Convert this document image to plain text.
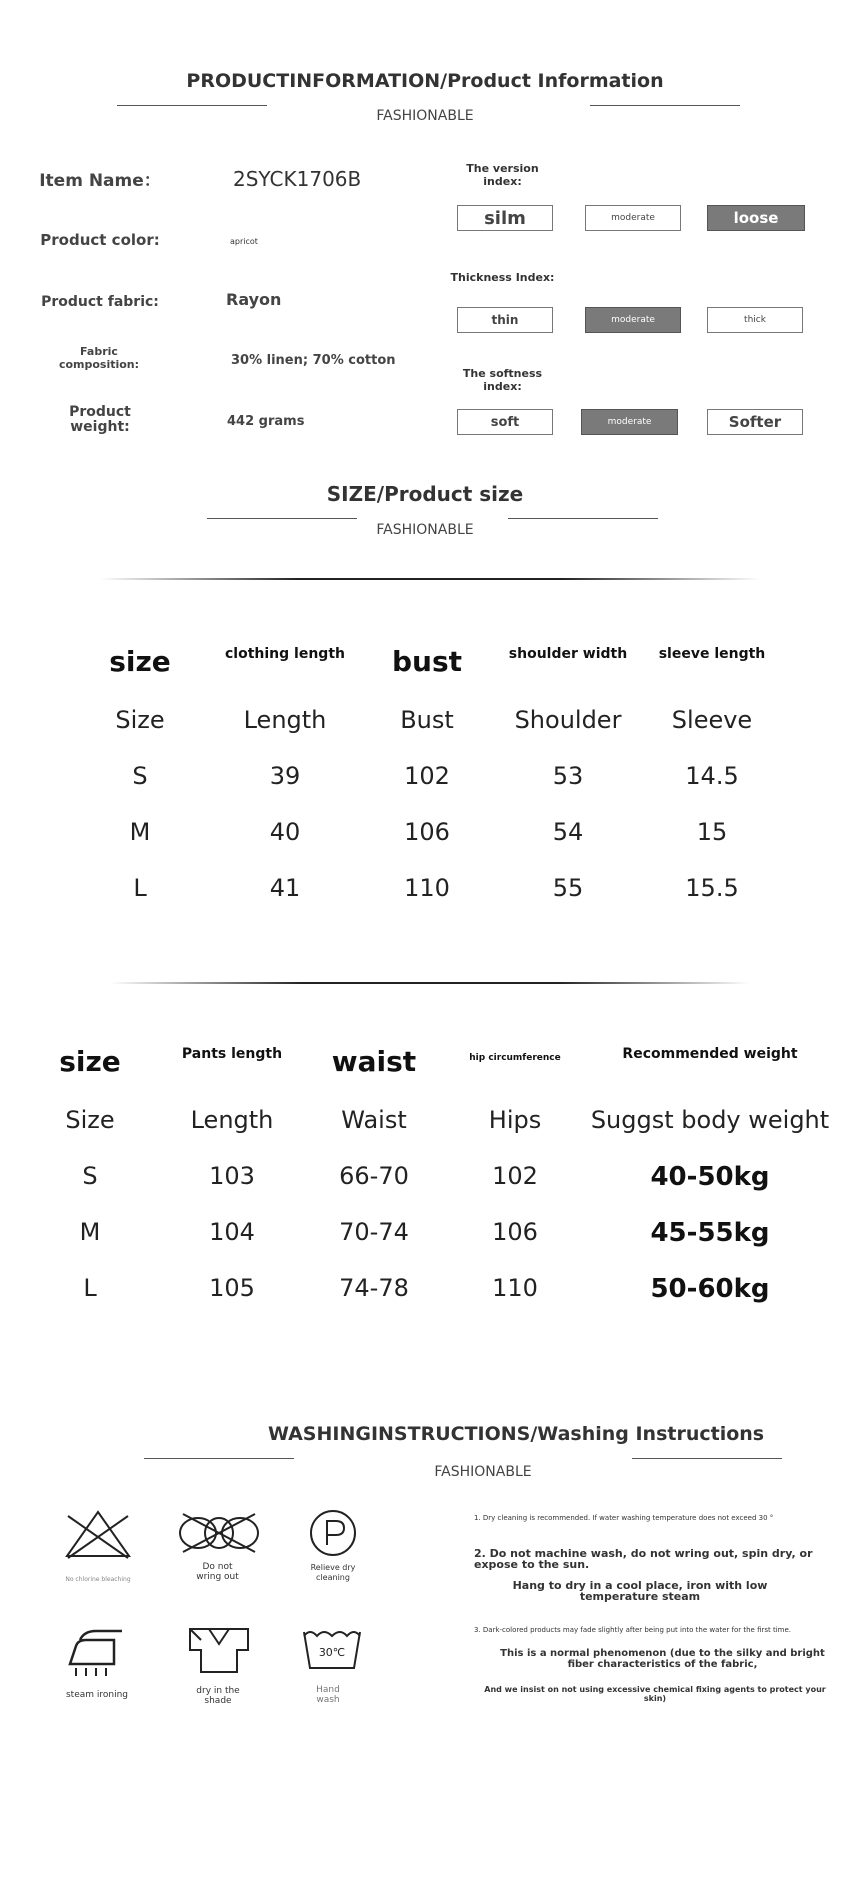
PRODUCTINFORMATION/Product Information
FASHIONABLE
Item Name：	2SYCK1706B
Product color:	apricot
Product fabric:	Rayon
Fabric composition:	30% linen; 70% cotton
Product weight:	442 grams
The version index:
silm	moderate	loose
Thickness Index:
thin	moderate	thick
The softness index:
soft	moderate	Softer
SIZE/Product size
FASHIONABLE
size	clothing length	bust	shoulder width	sleeve length
Size	Length	Bust	Shoulder	Sleeve
S	39	102	53	14.5
M	40	106	54	15
L	41	110	55	15.5
size	Pants length	waist	hip circumference	Recommended weight
Size	Length	Waist	Hips	Suggst body weight
S	103	66-70	102	40-50kg
M	104	70-74	106	45-55kg
L	105	74-78	110	50-60kg
WASHINGINSTRUCTIONS/Washing Instructions
FASHIONABLE
No chlorine bleaching
Do not wring out
Relieve dry cleaning
steam ironing	dry in the shade
30℃
Hand wash
1. Dry cleaning is recommended. If water washing temperature does not exceed 30 °
2. Do not machine wash, do not wring out, spin dry, or expose to the sun.
Hang to dry in a cool place, iron with low temperature steam
3. Dark-colored products may fade slightly after being put into the water for the first time.
This is a normal phenomenon (due to the silky and bright fiber characteristics of the fabric,
And we insist on not using excessive chemical fixing agents to protect your skin)
